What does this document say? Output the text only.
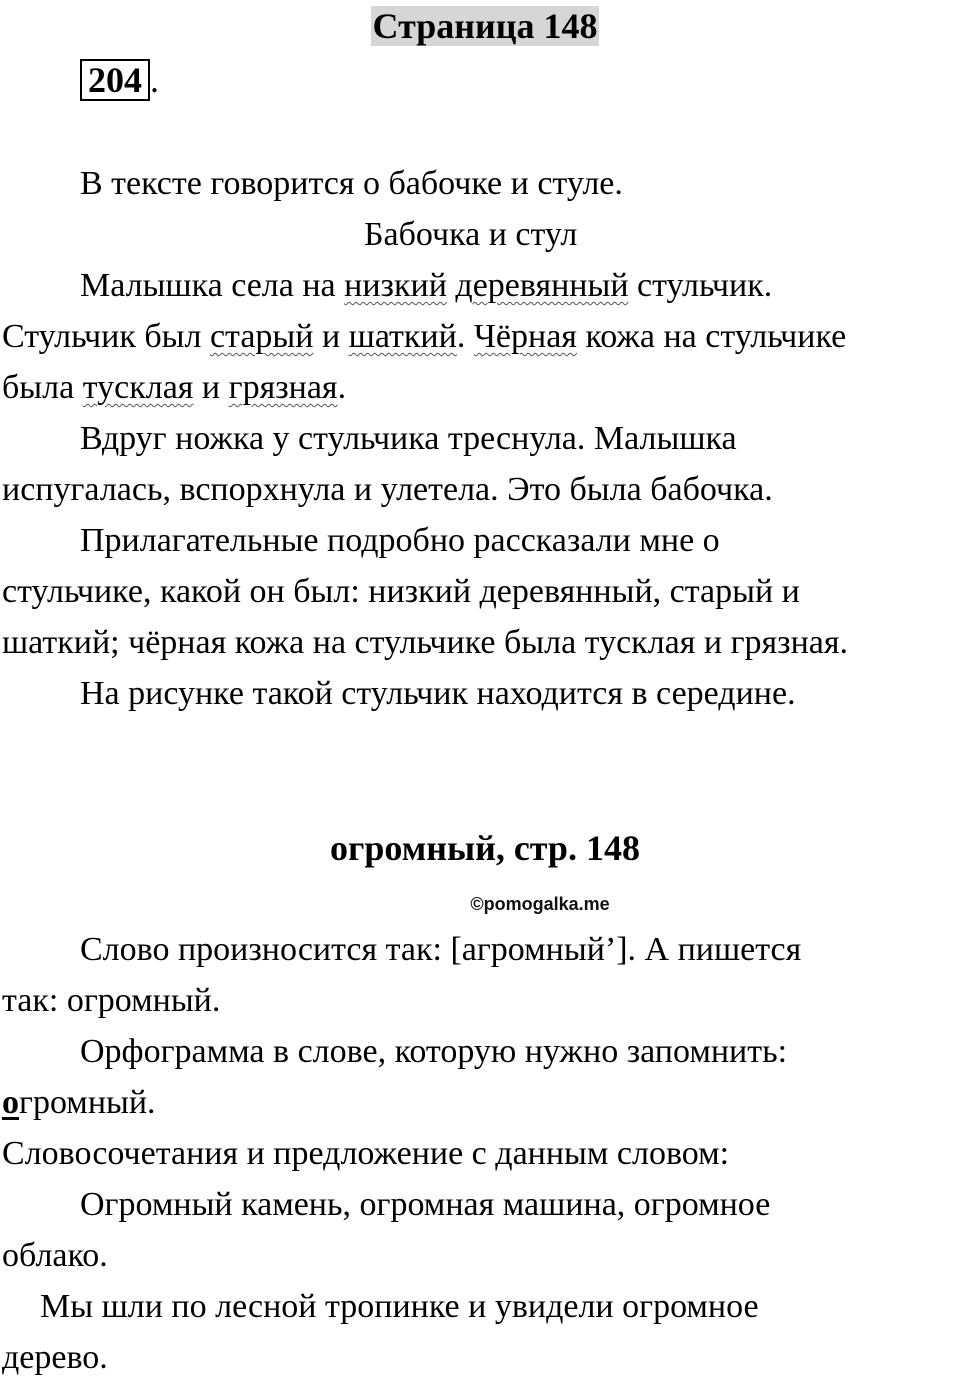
Страница 148
204 .
В тексте говорится о бабочке и стуле.
Бабочка и стул
Малышка села на низкий деревянный стульчик.
Стульчик был старый и шаткий. Чёрная кожа на стульчике
была тусклая и грязная.
Вдруг ножка у стульчика треснула. Малышка
испугалась, вспорхнула и улетела. Это была бабочка.
Прилагательные подробно рассказали мне о
стульчике, какой он был: низкий деревянный, старый и
шаткий; чёрная кожа на стульчике была тусклая и грязная.
На рисунке такой стульчик находится в середине.
огромный, стр. 148
©pomogalka.me
Слово произносится так: [агромный’]. А пишется
так: огромный.
Орфограмма в слове, которую нужно запомнить:
огромный.
Словосочетания и предложение с данным словом:
Огромный камень, огромная машина, огромное
облако.
Мы шли по лесной тропинке и увидели огромное
дерево.
